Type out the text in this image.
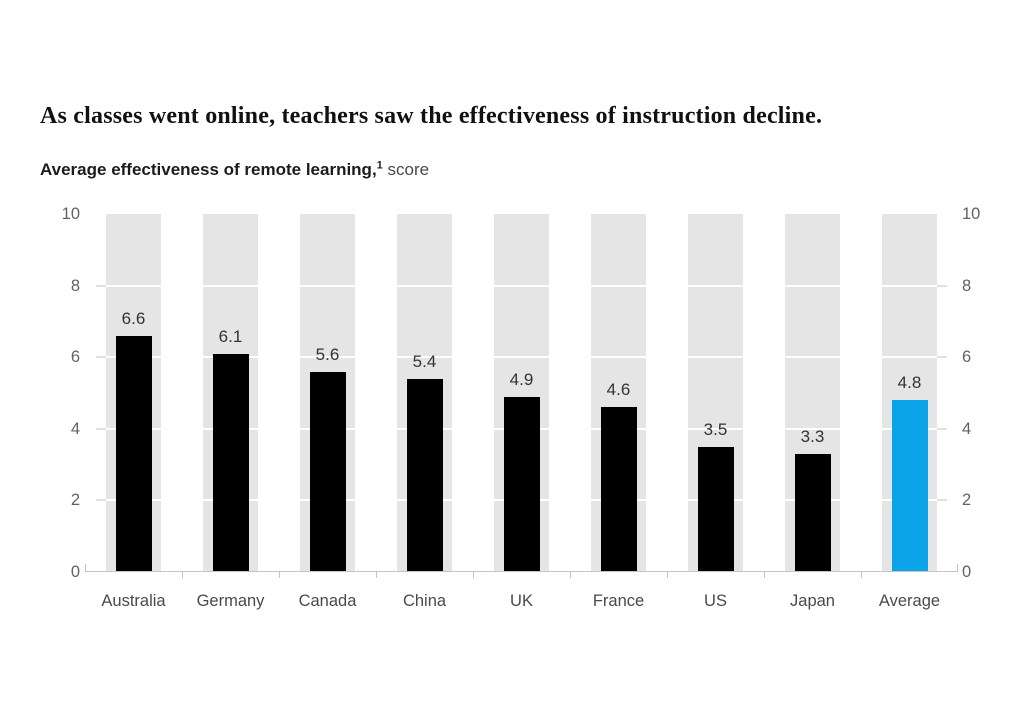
As classes went online, teachers saw the effectiveness of instruction decline.
Average effectiveness of remote learning,$^1$ score
6.6
Australia
6.1
Germany
5.6
Canada
5.4
China
4.9
UK
4.6
France
3.5
US
3.3
Japan
4.8
Average
0	0
2	2
4	4
6	6
8	8
10	10
